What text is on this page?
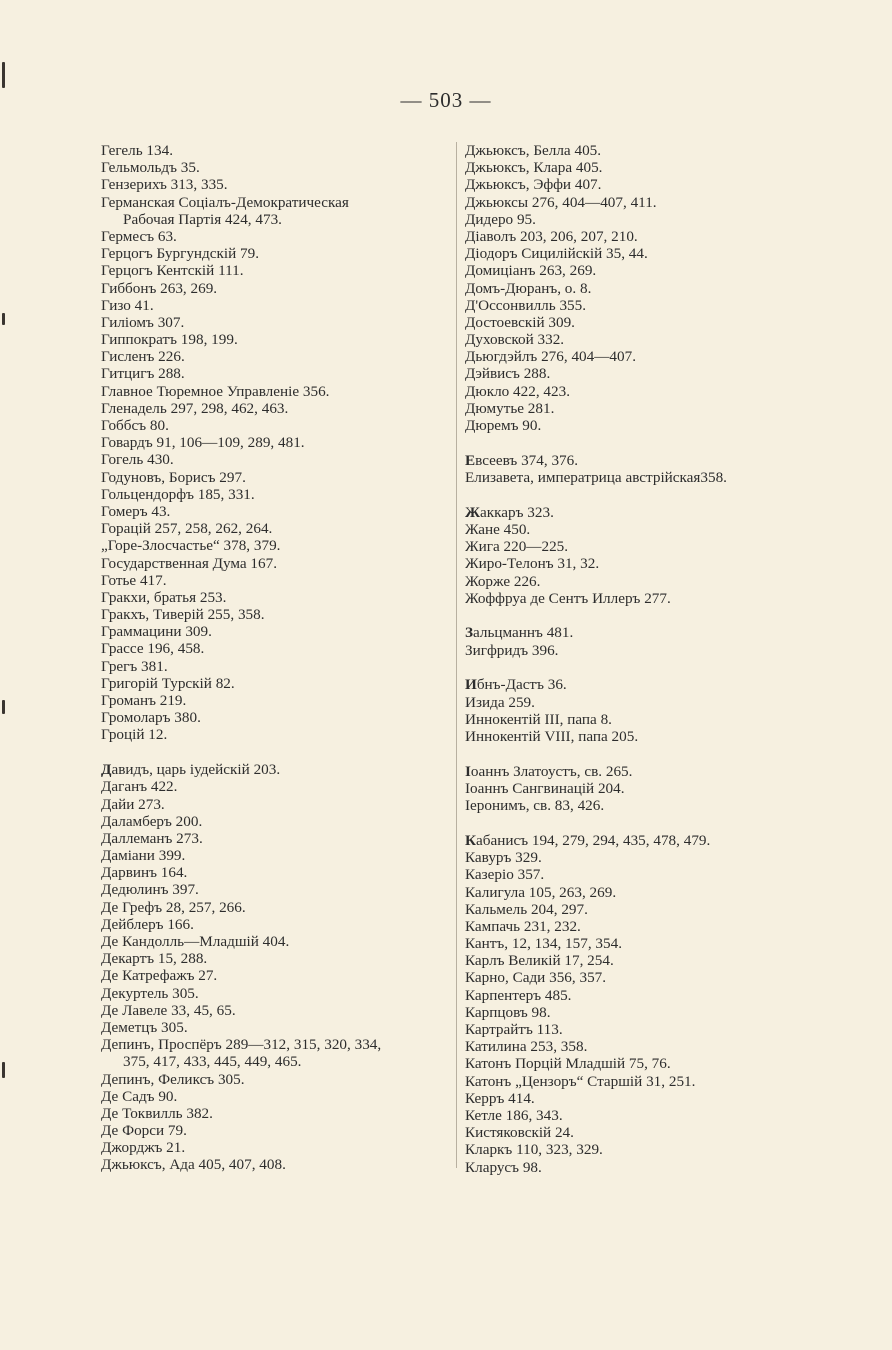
— 503 —
Гегель 134.
Гельмольдъ 35.
Гензерихъ 313, 335.
Германская Соціалъ-Демократическая
Рабочая Партія 424, 473.
Гермесъ 63.
Герцогъ Бургундскій 79.
Герцогъ Кентскій 111.
Гиббонъ 263, 269.
Гизо 41.
Гиліомъ 307.
Гиппократъ 198, 199.
Гисленъ 226.
Гитцигъ 288.
Главное Тюремное Управленіе 356.
Гленадель 297, 298, 462, 463.
Гоббсъ 80.
Говардъ 91, 106—109, 289, 481.
Гогель 430.
Годуновъ, Борисъ 297.
Гольцендорфъ 185, 331.
Гомеръ 43.
Горацій 257, 258, 262, 264.
„Горе-Злосчастье“ 378, 379.
Государственная Дума 167.
Готье 417.
Гракхи, братья 253.
Гракхъ, Тиверій 255, 358.
Граммацини 309.
Грассе 196, 458.
Грегъ 381.
Григорій Турскій 82.
Громанъ 219.
Громоларъ 380.
Гроцій 12.
Давидъ, царь іудейскій 203.
Даганъ 422.
Дайи 273.
Даламберъ 200.
Даллеманъ 273.
Даміани 399.
Дарвинъ 164.
Дедюлинъ 397.
Де Грефъ 28, 257, 266.
Дейблеръ 166.
Де Кандолль—Младшій 404.
Декартъ 15, 288.
Де Катрефажъ 27.
Декуртель 305.
Де Лавеле 33, 45, 65.
Деметцъ 305.
Депинъ, Проспёръ 289—312, 315, 320, 334,
375, 417, 433, 445, 449, 465.
Депинъ, Феликсъ 305.
Де Садъ 90.
Де Токвилль 382.
Де Форси 79.
Джорджъ 21.
Джьюксъ, Ада 405, 407, 408.
Джьюксъ, Белла 405.
Джьюксъ, Клара 405.
Джьюксъ, Эффи 407.
Джьюксы 276, 404—407, 411.
Дидеро 95.
Діаволъ 203, 206, 207, 210.
Діодоръ Сицилійскій 35, 44.
Домиціанъ 263, 269.
Домъ-Дюранъ, о. 8.
Д'Оссонвилль 355.
Достоевскій 309.
Духовской 332.
Дьюгдэйлъ 276, 404—407.
Дэйвисъ 288.
Дюкло 422, 423.
Дюмутье 281.
Дюремъ 90.
Евсеевъ 374, 376.
Елизавета, императрица австрійская358.
Жаккаръ 323.
Жане 450.
Жига 220—225.
Жиро-Телонъ 31, 32.
Жорже 226.
Жоффруа де Сентъ Иллеръ 277.
Зальцманнъ 481.
Зигфридъ 396.
Ибнъ-Дастъ 36.
Изида 259.
Иннокентій III, папа 8.
Иннокентій VIII, папа 205.
Іоаннъ Златоустъ, св. 265.
Іоаннъ Сангвинацій 204.
Іеронимъ, св. 83, 426.
Кабанисъ 194, 279, 294, 435, 478, 479.
Кавуръ 329.
Казеріо 357.
Калигула 105, 263, 269.
Кальмель 204, 297.
Кампачь 231, 232.
Кантъ, 12, 134, 157, 354.
Карлъ Великій 17, 254.
Карно, Сади 356, 357.
Карпентеръ 485.
Карпцовъ 98.
Картрайтъ 113.
Катилина 253, 358.
Катонъ Порцій Младшій 75, 76.
Катонъ „Цензоръ“ Старшій 31, 251.
Керръ 414.
Кетле 186, 343.
Кистяковскій 24.
Кларкъ 110, 323, 329.
Кларусъ 98.
